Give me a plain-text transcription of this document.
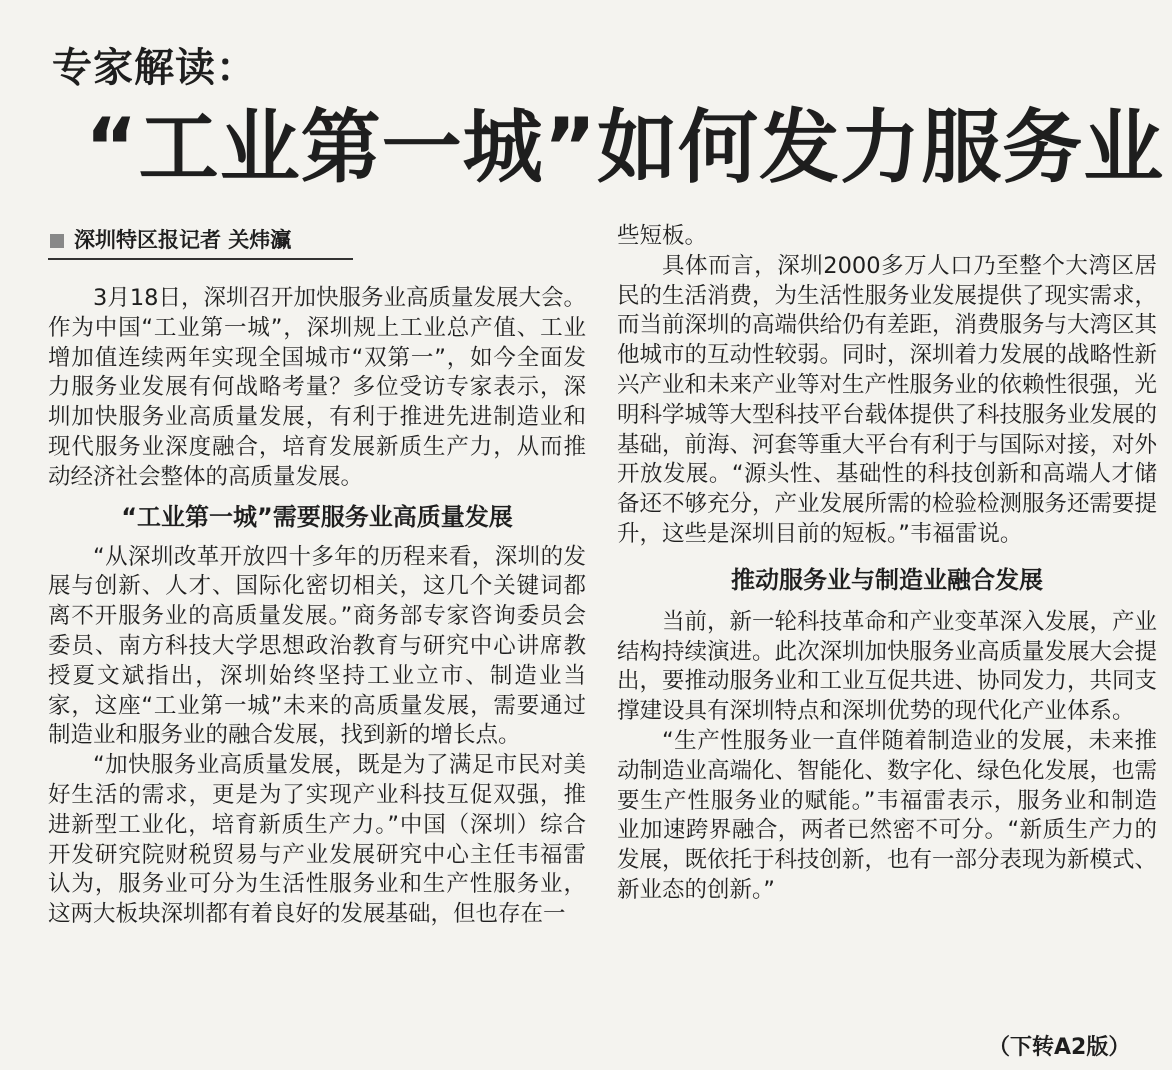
专家解读：
“工业第一城”如何发力服务业
深圳特区报记者 关炜灜

3月18日，深圳召开加快服务业高质量发展大会。作为中国“工业第一城”，深圳规上工业总产值、工业增加值连续两年实现全国城市“双第一”，如今全面发力服务业发展有何战略考量？多位受访专家表示，深圳加快服务业高质量发展，有利于推进先进制造业和现代服务业深度融合，培育发展新质生产力，从而推动经济社会整体的高质量发展。

“工业第一城”需要服务业高质量发展

“从深圳改革开放四十多年的历程来看，深圳的发展与创新、人才、国际化密切相关，这几个关键词都离不开服务业的高质量发展。”商务部专家咨询委员会委员、南方科技大学思想政治教育与研究中心讲席教授夏文斌指出，深圳始终坚持工业立市、制造业当家，这座“工业第一城”未来的高质量发展，需要通过制造业和服务业的融合发展，找到新的增长点。

“加快服务业高质量发展，既是为了满足市民对美好生活的需求，更是为了实现产业科技互促双强，推进新型工业化，培育新质生产力。”中国（深圳）综合开发研究院财税贸易与产业发展研究中心主任韦福雷认为，服务业可分为生活性服务业和生产性服务业，这两大板块深圳都有着良好的发展基础，但也存在一

些短板。

具体而言，深圳2000多万人口乃至整个大湾区居民的生活消费，为生活性服务业发展提供了现实需求，而当前深圳的高端供给仍有差距，消费服务与大湾区其他城市的互动性较弱。同时，深圳着力发展的战略性新兴产业和未来产业等对生产性服务业的依赖性很强，光明科学城等大型科技平台载体提供了科技服务业发展的基础，前海、河套等重大平台有利于与国际对接，对外开放发展。“源头性、基础性的科技创新和高端人才储备还不够充分，产业发展所需的检验检测服务还需要提升，这些是深圳目前的短板。”韦福雷说。

推动服务业与制造业融合发展

当前，新一轮科技革命和产业变革深入发展，产业结构持续演进。此次深圳加快服务业高质量发展大会提出，要推动服务业和工业互促共进、协同发力，共同支撑建设具有深圳特点和深圳优势的现代化产业体系。

“生产性服务业一直伴随着制造业的发展，未来推动制造业高端化、智能化、数字化、绿色化发展，也需要生产性服务业的赋能。”韦福雷表示，服务业和制造业加速跨界融合，两者已然密不可分。“新质生产力的发展，既依托于科技创新，也有一部分表现为新模式、新业态的创新。”

（下转A2版）
